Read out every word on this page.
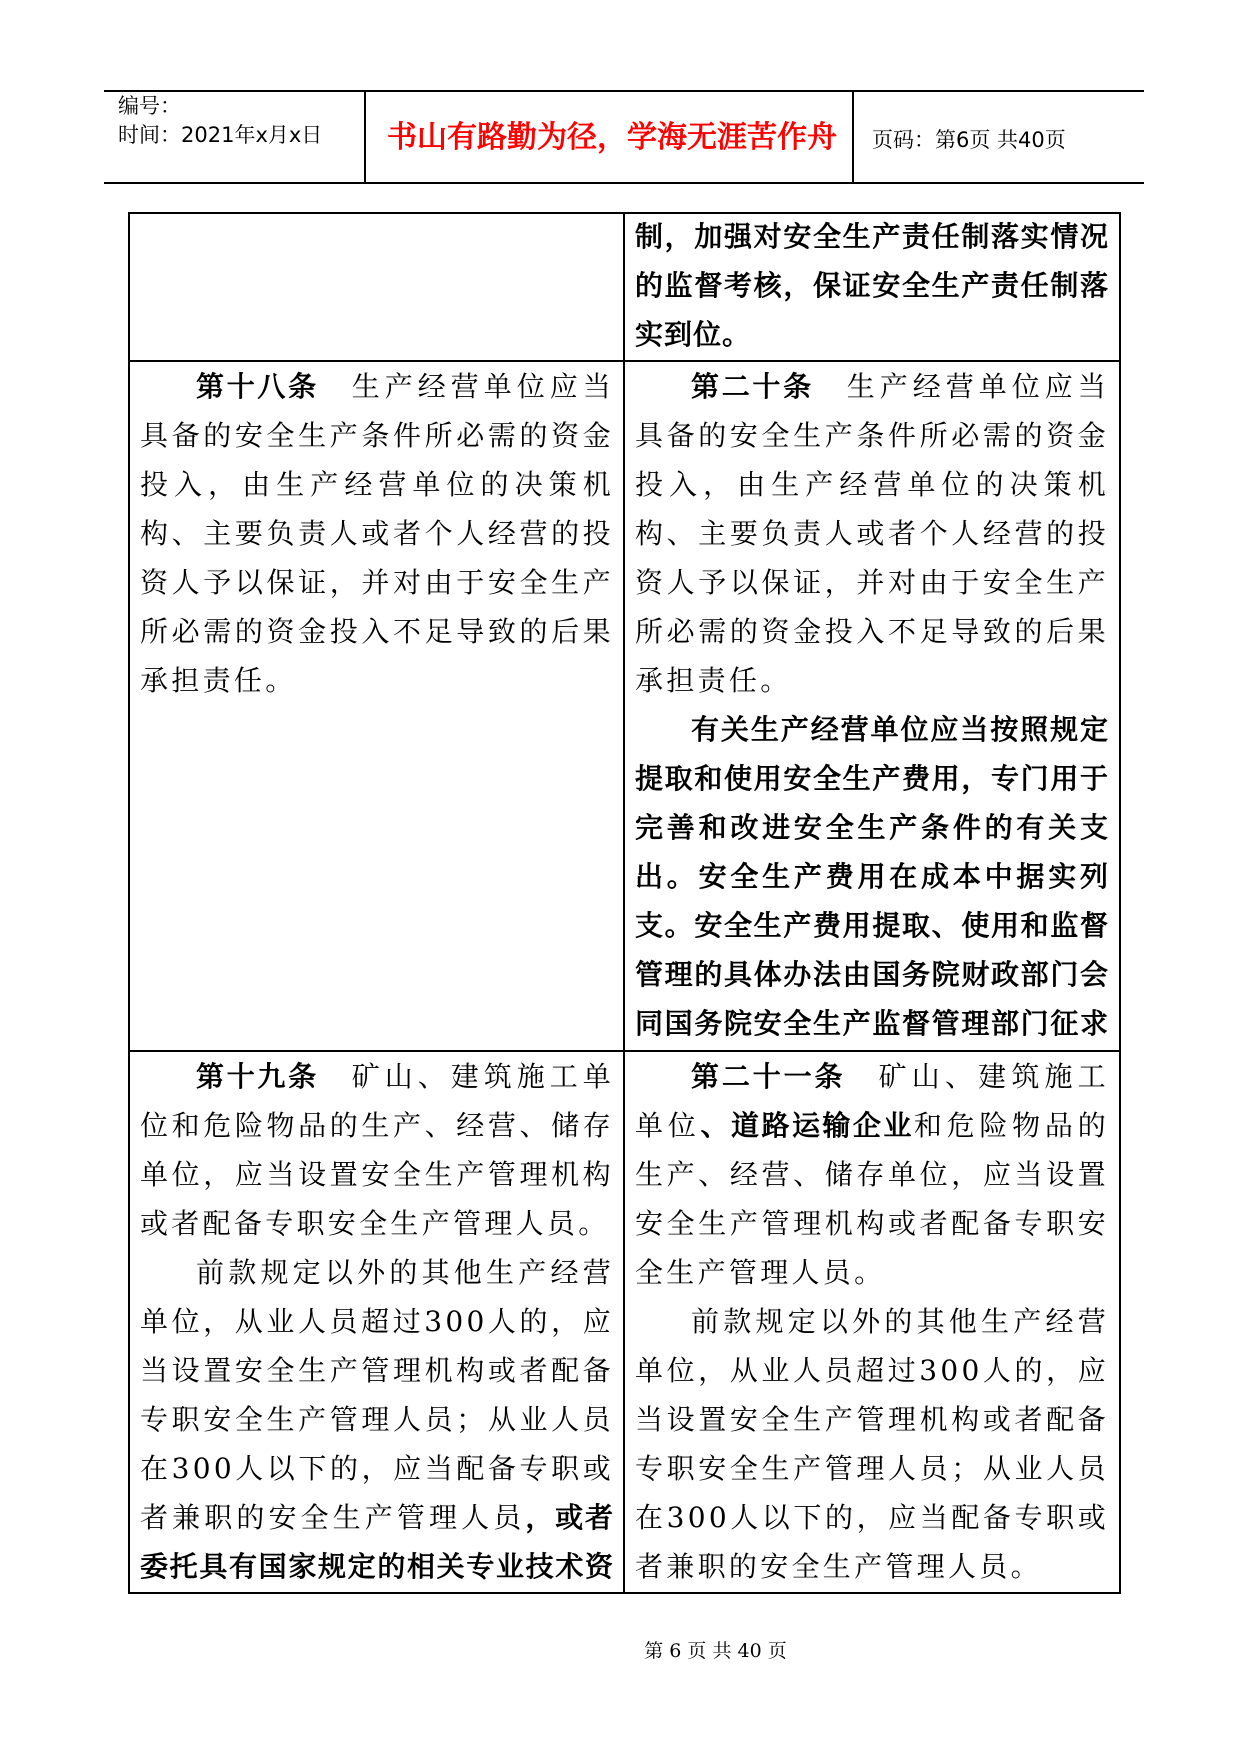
编号：
时间：2021年x月x日	书山有路勤为径，学海无涯苦作舟	页码：第6页 共40页

制，加强对安全生产责任制落实情况的监督考核，保证安全生产责任制落实到位。

第十八条　 生产经营单位应当具备的安全生产条件所必需的资金投入，由生产经营单位的决策机构、主要负责人或者个人经营的投资人予以保证，并对由于安全生产所必需的资金投入不足导致的后果承担责任。

第二十条　 生产经营单位应当具备的安全生产条件所必需的资金投入，由生产经营单位的决策机构、主要负责人或者个人经营的投资人予以保证，并对由于安全生产所必需的资金投入不足导致的后果承担责任。

有关生产经营单位应当按照规定提取和使用安全生产费用，专门用于完善和改进安全生产条件的有关支出。安全生产费用在成本中据实列支。安全生产费用提取、使用和监督管理的具体办法由国务院财政部门会同国务院安全生产监督管理部门征求

第十九条　 矿山、建筑施工单位和危险物品的生产、经营、储存单位，应当设置安全生产管理机构或者配备专职安全生产管理人员。

前款规定以外的其他生产经营单位，从业人员超过300人的，应当设置安全生产管理机构或者配备专职安全生产管理人员；从业人员在300人以下的，应当配备专职或者兼职的安全生产管理人员，或者委托具有国家规定的相关专业技术资

第二十一条　 矿山、建筑施工单位、道路运输企业和危险物品的生产、经营、储存单位，应当设置安全生产管理机构或者配备专职安全生产管理人员。

前款规定以外的其他生产经营单位，从业人员超过300人的，应当设置安全生产管理机构或者配备专职安全生产管理人员；从业人员在300人以下的，应当配备专职或者兼职的安全生产管理人员。

第 6 页 共 40 页
